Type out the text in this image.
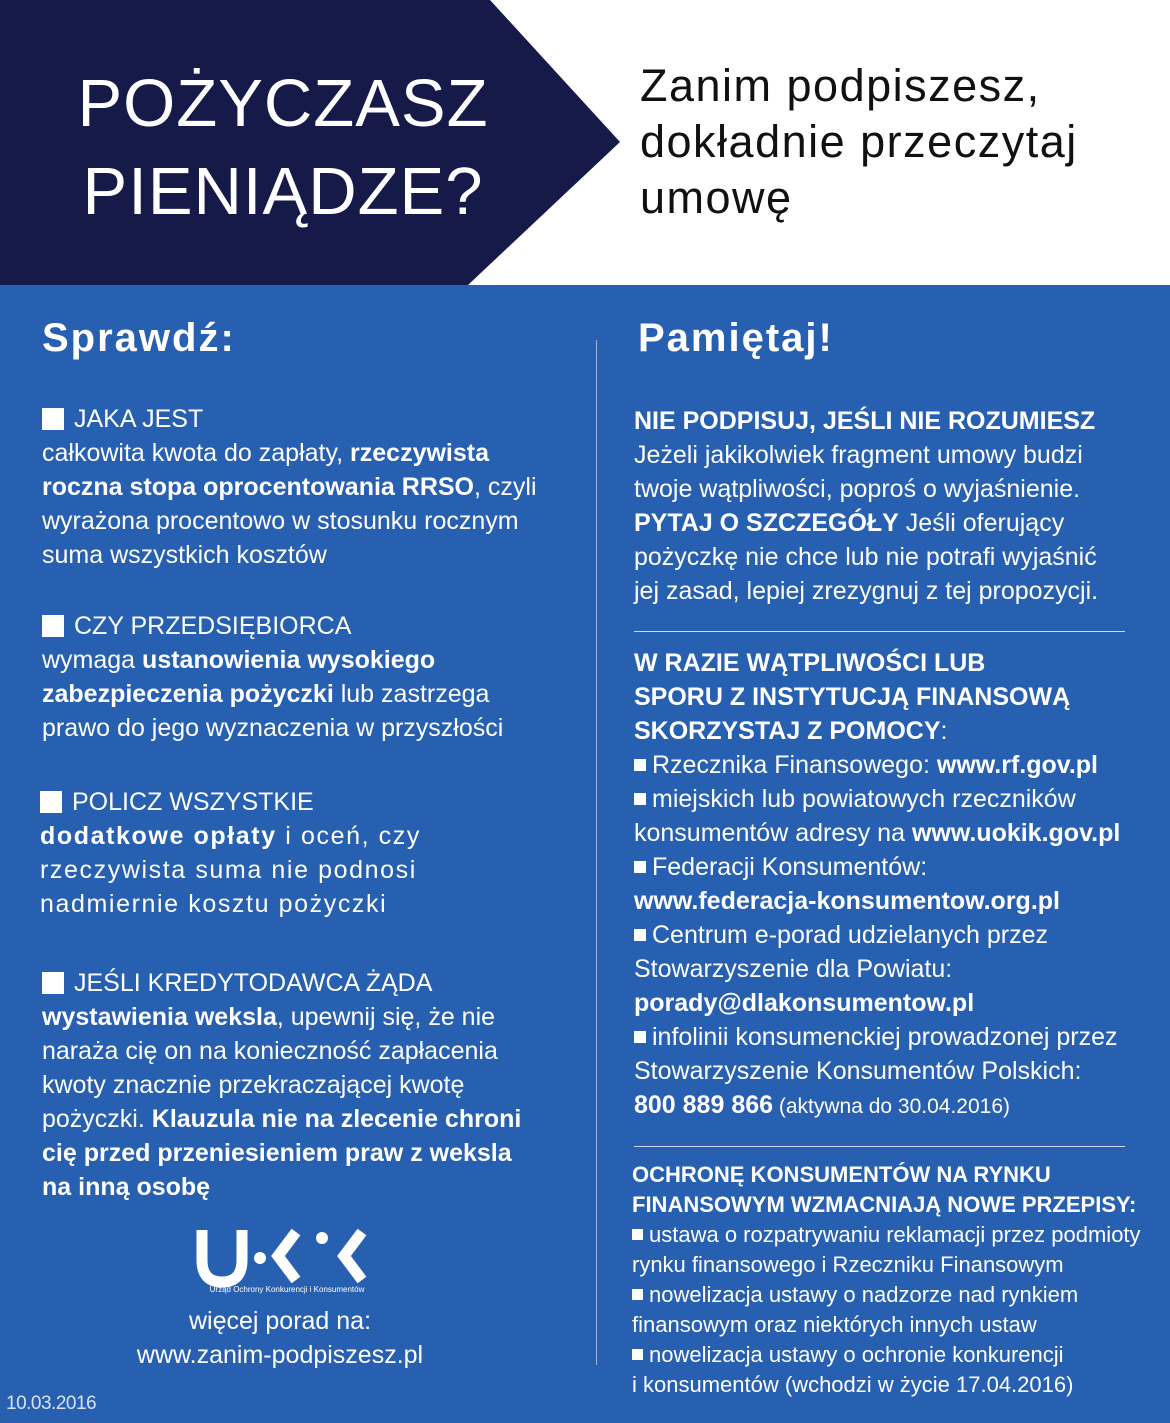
POŻYCZASZ
PIENIĄDZE?
Zanim podpiszesz,
dokładnie przeczytaj
umowę
Sprawdź:	Pamiętaj!
JAKA JEST
całkowita kwota do zapłaty, rzeczywista
roczna stopa oprocentowania RRSO, czyli
wyrażona procentowo w stosunku rocznym
suma wszystkich kosztów
CZY PRZEDSIĘBIORCA
wymaga ustanowienia wysokiego
zabezpieczenia pożyczki lub zastrzega
prawo do jego wyznaczenia w przyszłości
POLICZ WSZYSTKIE
dodatkowe opłaty i oceń, czy
rzeczywista suma nie podnosi
nadmiernie kosztu pożyczki
JEŚLI KREDYTODAWCA ŻĄDA
wystawienia weksla, upewnij się, że nie
naraża cię on na konieczność zapłacenia
kwoty znacznie przekraczającej kwotę
pożyczki. Klauzula nie na zlecenie chroni
cię przed przeniesieniem praw z weksla
na inną osobę
Urząd Ochrony Konkurencji i Konsumentów
więcej porad na:
www.zanim-podpiszesz.pl
10.03.2016
NIE PODPISUJ, JEŚLI NIE ROZUMIESZ
Jeżeli jakikolwiek fragment umowy budzi
twoje wątpliwości, poproś o wyjaśnienie.
PYTAJ O SZCZEGÓŁY Jeśli oferujący
pożyczkę nie chce lub nie potrafi wyjaśnić
jej zasad, lepiej zrezygnuj z tej propozycji.
W RAZIE WĄTPLIWOŚCI LUB
SPORU Z INSTYTUCJĄ FINANSOWĄ
SKORZYSTAJ Z POMOCY:
Rzecznika Finansowego: www.rf.gov.pl
miejskich lub powiatowych rzeczników
konsumentów adresy na www.uokik.gov.pl
Federacji Konsumentów:
www.federacja-konsumentow.org.pl
Centrum e-porad udzielanych przez
Stowarzyszenie dla Powiatu:
porady@dlakonsumentow.pl
infolinii konsumenckiej prowadzonej przez
Stowarzyszenie Konsumentów Polskich:
800 889 866 (aktywna do 30.04.2016)
OCHRONĘ KONSUMENTÓW NA RYNKU
FINANSOWYM WZMACNIAJĄ NOWE PRZEPISY:
ustawa o rozpatrywaniu reklamacji przez podmioty
rynku finansowego i Rzeczniku Finansowym
nowelizacja ustawy o nadzorze nad rynkiem
finansowym oraz niektórych innych ustaw
nowelizacja ustawy o ochronie konkurencji
i konsumentów (wchodzi w życie 17.04.2016)
